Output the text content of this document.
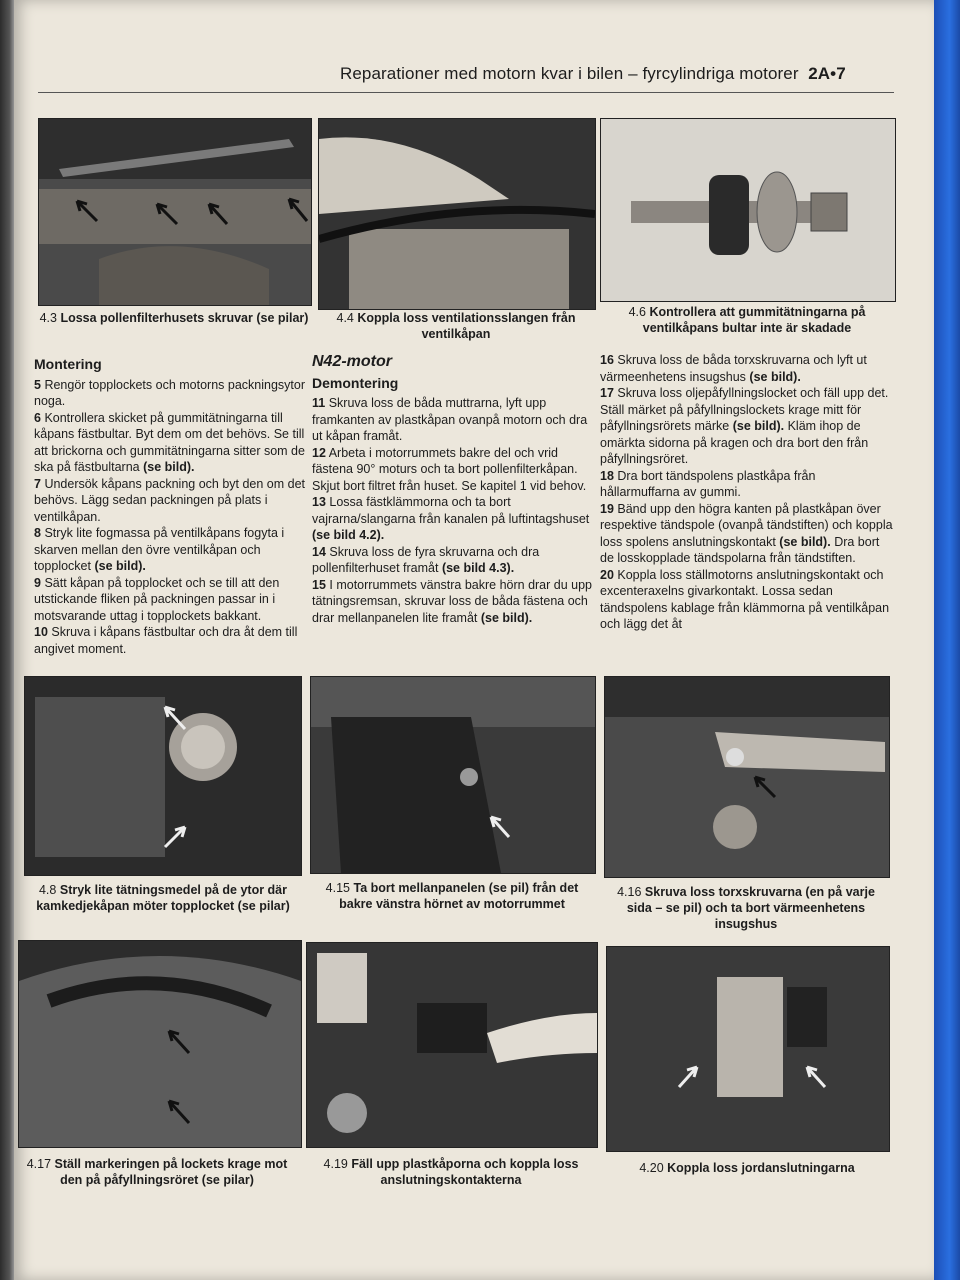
Reparationer med motorn kvar i bilen – fyrcylindriga motorer 2A•7
4.3 Lossa pollenfilterhusets skruvar (se pilar)	4.4 Koppla loss ventilationsslangen från ventilkåpan
4.6 Kontrollera att gummitätningarna på ventilkåpans bultar inte är skadade
Montering

5 Rengör topplockets och motorns packningsytor noga.

6 Kontrollera skicket på gummitätningarna till kåpans fästbultar. Byt dem om det behövs. Se till att brickorna och gummitätningarna sitter som de ska på fästbultarna (se bild).

7 Undersök kåpans packning och byt den om det behövs. Lägg sedan packningen på plats i ventilkåpan.

8 Stryk lite fogmassa på ventilkåpans fogyta i skarven mellan den övre ventilkåpan och topplocket (se bild).

9 Sätt kåpan på topplocket och se till att den utstickande fliken på packningen passar in i motsvarande uttag i topplockets bakkant.

10 Skruva i kåpans fästbultar och dra åt dem till angivet moment.

N42-motor
Demontering

11 Skruva loss de båda muttrarna, lyft upp framkanten av plastkåpan ovanpå motorn och dra ut kåpan framåt.

12 Arbeta i motorrummets bakre del och vrid fästena 90° moturs och ta bort pollenfilterkåpan. Skjut bort filtret från huset. Se kapitel 1 vid behov.

13 Lossa fästklämmorna och ta bort vajrarna/slangarna från kanalen på luftintagshuset (se bild 4.2).

14 Skruva loss de fyra skruvarna och dra pollenfilterhuset framåt (se bild 4.3).

15 I motorrummets vänstra bakre hörn drar du upp tätningsremsan, skruvar loss de båda fästena och drar mellanpanelen lite framåt (se bild).

16 Skruva loss de båda torxskruvarna och lyft ut värmeenhetens insugshus (se bild).

17 Skruva loss oljepåfyllningslocket och fäll upp det. Ställ märket på påfyllningslockets krage mitt för påfyllningsrörets märke (se bild). Kläm ihop de omärkta sidorna på kragen och dra bort den från påfyllningsröret.

18 Dra bort tändspolens plastkåpa från hållarmuffarna av gummi.

19 Bänd upp den högra kanten på plastkåpan över respektive tändspole (ovanpå tändstiften) och koppla loss spolens anslutningskontakt (se bild). Dra bort de losskopplade tändspolarna från tändstiften.

20 Koppla loss ställmotorns anslutningskontakt och excenteraxelns givarkontakt. Lossa sedan tändspolens kablage från klämmorna på ventilkåpan och lägg det åt

4.8 Stryk lite tätningsmedel på de ytor där kamkedjekåpan möter topplocket (se pilar)
4.15 Ta bort mellanpanelen (se pil) från det bakre vänstra hörnet av motorrummet
4.16 Skruva loss torxskruvarna (en på varje sida – se pil) och ta bort värmeenhetens insugshus
4.17 Ställ markeringen på lockets krage mot den på påfyllningsröret (se pilar)
4.19 Fäll upp plastkåporna och koppla loss anslutningskontakterna
4.20 Koppla loss jordanslutningarna
